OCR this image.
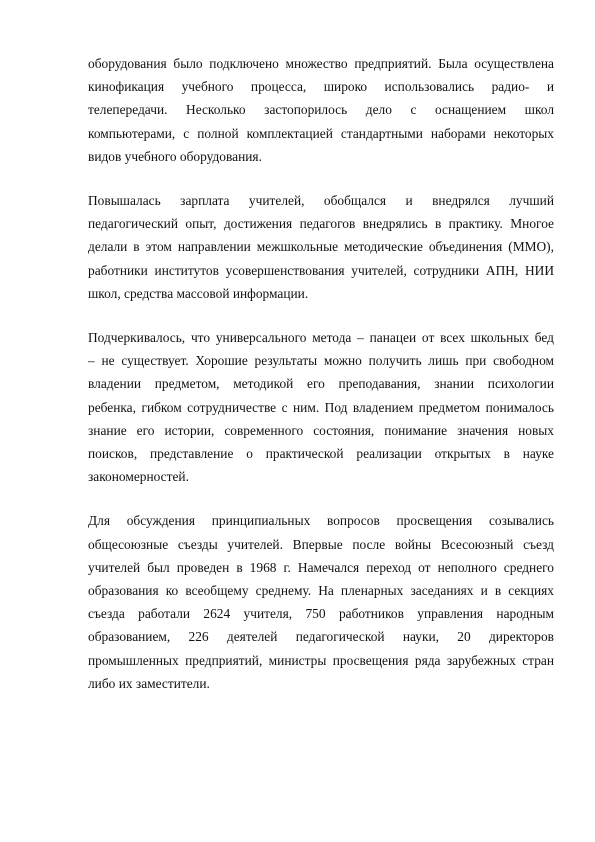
оборудования было подключено множество предприятий. Была осуществлена
кинофикация учебного процесса, широко использовались радио- и
телепередачи. Несколько застопорилось дело с оснащением школ
компьютерами, с полной комплектацией стандартными наборами некоторых
видов учебного оборудования.
Повышалась зарплата учителей, обобщался и внедрялся лучший
педагогический опыт, достижения педагогов внедрялись в практику. Многое
делали в этом направлении межшкольные методические объединения (ММО),
работники институтов усовершенствования учителей, сотрудники АПН, НИИ
школ, средства массовой информации.
Подчеркивалось, что универсального метода – панацеи от всех школьных бед
– не существует. Хорошие результаты можно получить лишь при свободном
владении предметом, методикой его преподавания, знании психологии
ребенка, гибком сотрудничестве с ним. Под владением предметом понималось
знание его истории, современного состояния, понимание значения новых
поисков, представление о практической реализации открытых в науке
закономерностей.
Для обсуждения принципиальных вопросов просвещения созывались
общесоюзные съезды учителей. Впервые после войны Всесоюзный съезд
учителей был проведен в 1968 г. Намечался переход от неполного среднего
образования ко всеобщему среднему. На пленарных заседаниях и в секциях
съезда работали 2624 учителя, 750 работников управления народным
образованием, 226 деятелей педагогической науки, 20 директоров
промышленных предприятий, министры просвещения ряда зарубежных стран
либо их заместители.
